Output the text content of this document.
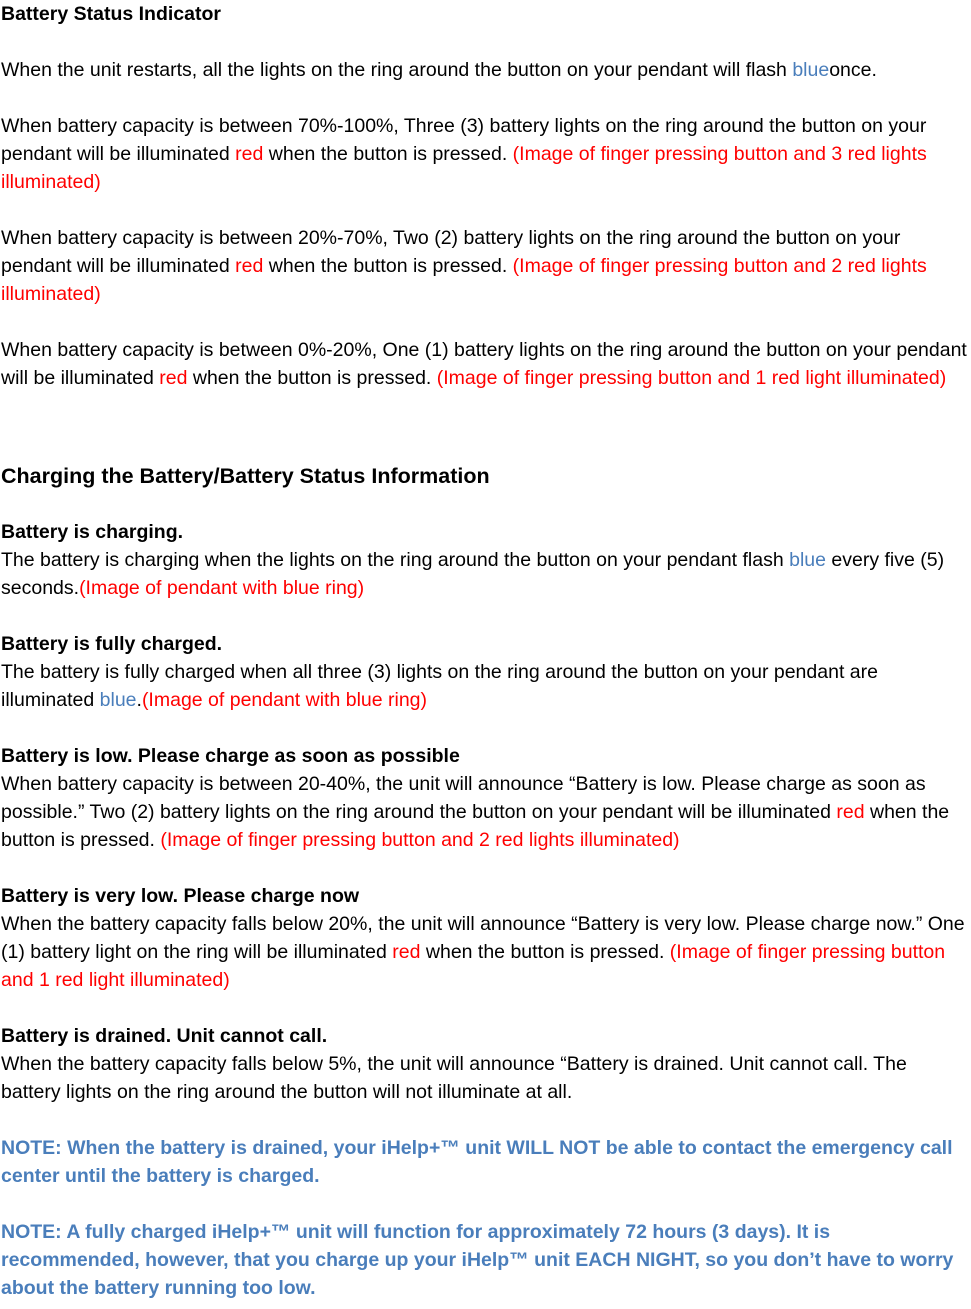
Battery Status Indicator

When the unit restarts, all the lights on the ring around the button on your pendant will flash blueonce.

When battery capacity is between 70%-100%, Three (3) battery lights on the ring around the button on your pendant will be illuminated red when the button is pressed. (Image of finger pressing button and 3 red lights illuminated)

When battery capacity is between 20%-70%, Two (2) battery lights on the ring around the button on your pendant will be illuminated red when the button is pressed. (Image of finger pressing button and 2 red lights illuminated)

When battery capacity is between 0%-20%, One (1) battery lights on the ring around the button on your pendant will be illuminated red when the button is pressed. (Image of finger pressing button and 1 red light illuminated)

Charging the Battery/Battery Status Information

Battery is charging.

The battery is charging when the lights on the ring around the button on your pendant flash blue every five (5) seconds.(Image of pendant with blue ring)

Battery is fully charged.

The battery is fully charged when all three (3) lights on the ring around the button on your pendant are illuminated blue.(Image of pendant with blue ring)

Battery is low. Please charge as soon as possible

When battery capacity is between 20-40%, the unit will announce “Battery is low. Please charge as soon as possible.” Two (2) battery lights on the ring around the button on your pendant will be illuminated red when the button is pressed. (Image of finger pressing button and 2 red lights illuminated)

Battery is very low. Please charge now

When the battery capacity falls below 20%, the unit will announce “Battery is very low. Please charge now.” One (1) battery light on the ring will be illuminated red when the button is pressed. (Image of finger pressing button and 1 red light illuminated)

Battery is drained. Unit cannot call.

When the battery capacity falls below 5%, the unit will announce “Battery is drained. Unit cannot call. The battery lights on the ring around the button will not illuminate at all.

NOTE: When the battery is drained, your iHelp+™ unit WILL NOT be able to contact the emergency call center until the battery is charged.

NOTE: A fully charged iHelp+™ unit will function for approximately 72 hours (3 days). It is recommended, however, that you charge up your iHelp™ unit EACH NIGHT, so you don’t have to worry about the battery running too low.
